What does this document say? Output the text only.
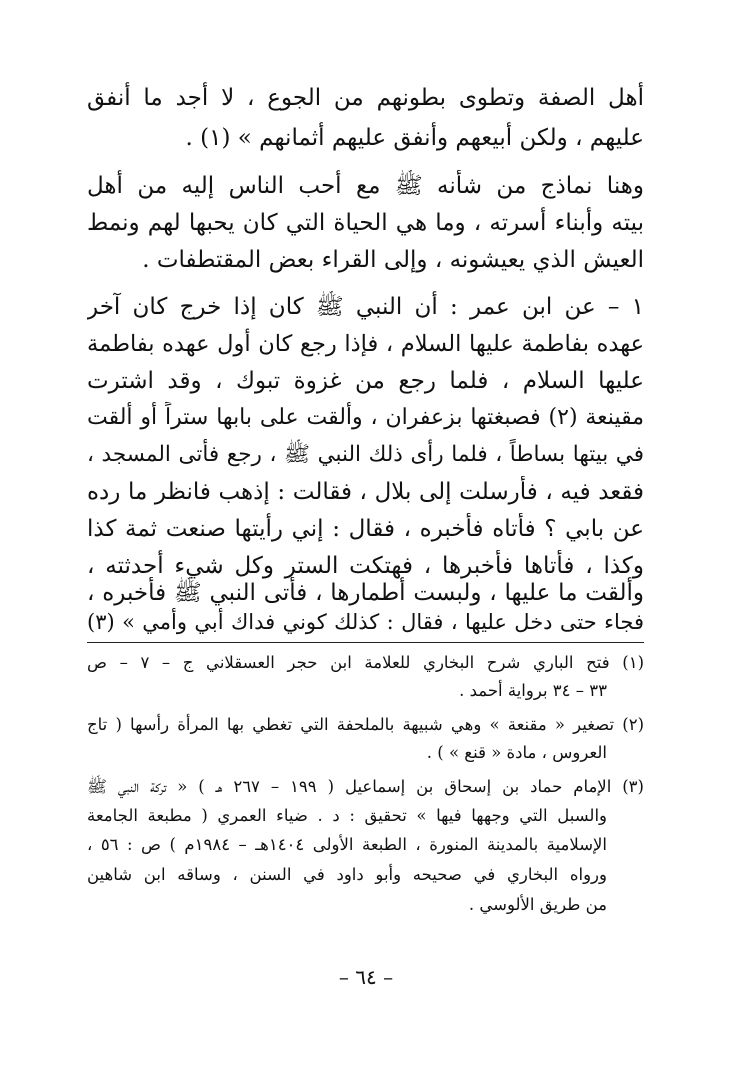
أهل الصفة وتطوى بطونهم من الجوع ، لا أجد ما أنفق
عليهم ، ولكن أبيعهم وأنفق عليهم أثمانهم » (١) .
وهنا نماذج من شأنه ﷺ مع أحب الناس إليه من أهل
بيته وأبناء أسرته ، وما هي الحياة التي كان يحبها لهم ونمط
العيش الذي يعيشونه ، وإلى القراء بعض المقتطفات .
١ – عن ابن عمر : أن النبي ﷺ كان إذا خرج كان آخر
عهده بفاطمة عليها السلام ، فإذا رجع كان أول عهده بفاطمة
عليها السلام ، فلما رجع من غزوة تبوك ، وقد اشترت
مقينعة (٢) فصبغتها بزعفران ، وألقت على بابها ستراً أو ألقت
في بيتها بساطاً ، فلما رأى ذلك النبي ﷺ ، رجع فأتى المسجد ،
فقعد فيه ، فأرسلت إلى بلال ، فقالت : إذهب فانظر ما رده
عن بابي ؟ فأتاه فأخبره ، فقال : إني رأيتها صنعت ثمة كذا
وكذا ، فأتاها فأخبرها ، فهتكت الستر وكل شيء أحدثته ،
وألقت ما عليها ، ولبست أطمارها ، فأتى النبي ﷺ فأخبره ،
فجاء حتى دخل عليها ، فقال : كذلك كوني فداك أبي وأمي » (٣)
(١) فتح الباري شرح البخاري للعلامة ابن حجر العسقلاني ج – ٧ – ص
٣٣ – ٣٤ برواية أحمد .
(٢) تصغير « مقنعة » وهي شبيهة بالملحفة التي تغطي بها المرأة رأسها ( تاج
العروس ، مادة « قنع » ) .
(٣) الإمام حماد بن إسحاق بن إسماعيل ( ١٩٩ – ٢٦٧ هـ ) « تركة النبي ﷺ
والسبل التي وجهها فيها » تحقيق : د . ضياء العمري ( مطبعة الجامعة
الإسلامية بالمدينة المنورة ، الطبعة الأولى ١٤٠٤هـ – ١٩٨٤م ) ص : ٥٦ ،
ورواه البخاري في صحيحه وأبو داود في السنن ، وساقه ابن شاهين
من طريق الألوسي .
– ٦٤ –
